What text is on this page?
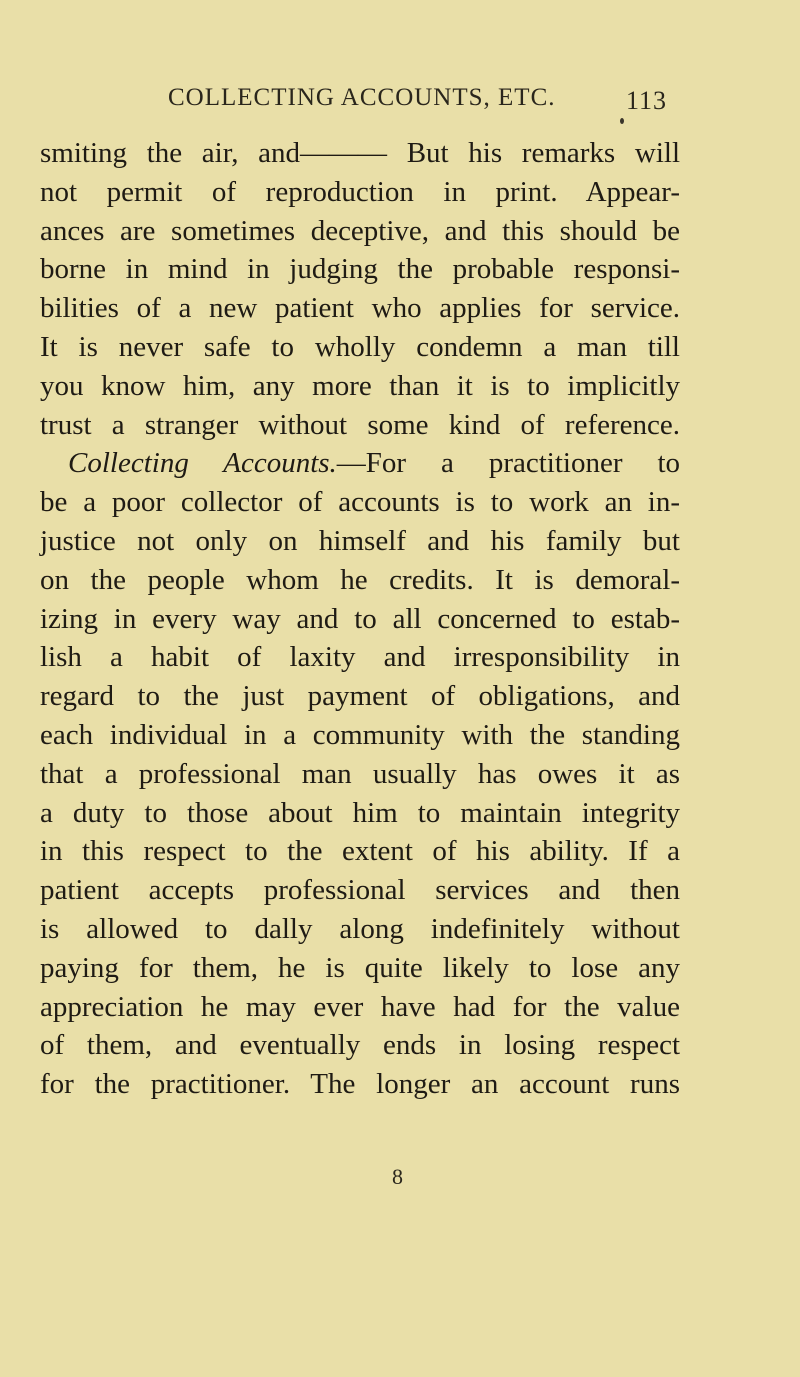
COLLECTING ACCOUNTS, ETC.	113
smiting the air, and——— But his remarks will
not permit of reproduction in print. Appear-
ances are sometimes deceptive, and this should be
borne in mind in judging the probable responsi-
bilities of a new patient who applies for service.
It is never safe to wholly condemn a man till
you know him, any more than it is to implicitly
trust a stranger without some kind of reference.
Collecting Accounts.—For a practitioner to
be a poor collector of accounts is to work an in-
justice not only on himself and his family but
on the people whom he credits. It is demoral-
izing in every way and to all concerned to estab-
lish a habit of laxity and irresponsibility in
regard to the just payment of obligations, and
each individual in a community with the standing
that a professional man usually has owes it as
a duty to those about him to maintain integrity
in this respect to the extent of his ability. If a
patient accepts professional services and then
is allowed to dally along indefinitely without
paying for them, he is quite likely to lose any
appreciation he may ever have had for the value
of them, and eventually ends in losing respect
for the practitioner. The longer an account runs
8
